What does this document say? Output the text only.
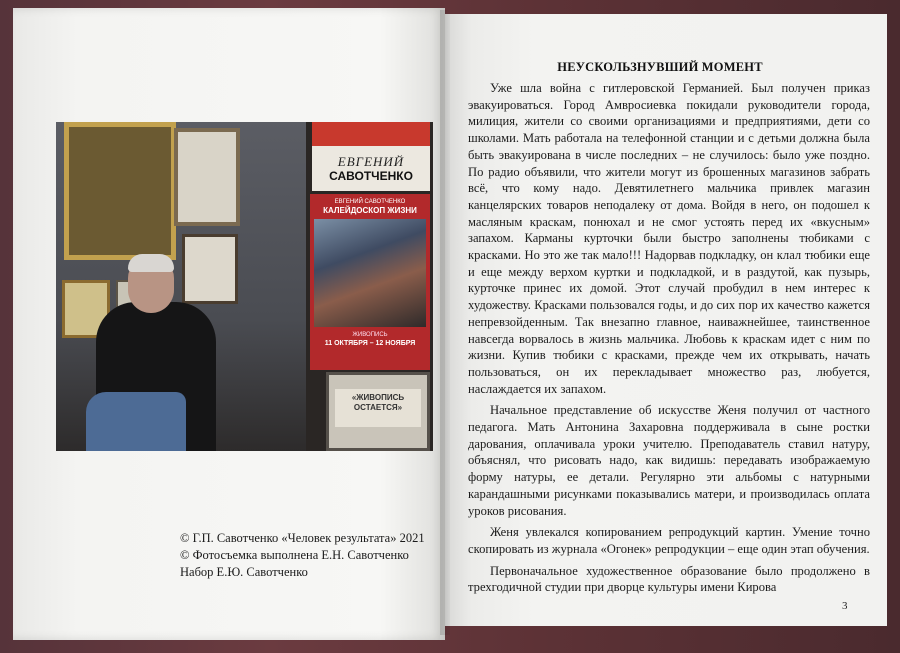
ЕВГЕНИЙ
САВОТЧЕНКО
ЕВГЕНИЙ САВОТЧЕНКО
КАЛЕЙДОСКОП ЖИЗНИ
ЖИВОПИСЬ
11 ОКТЯБРЯ – 12 НОЯБРЯ
«ЖИВОПИСЬ ОСТАЕТСЯ»
© Г.П. Савотченко «Человек результата» 2021
© Фотосъемка выполнена Е.Н. Савотченко
Набор Е.Ю. Савотченко
НЕУСКОЛЬЗНУВШИЙ МОМЕНТ

Уже шла война с гитлеровской Германией. Был получен приказ эвакуироваться. Город Амвросиевка покидали руководители города, милиция, жители со своими организациями и предприятиями, дети со школами. Мать работала на телефонной станции и с детьми должна была быть эвакуирована в числе последних – не случилось: было уже поздно. По радио объявили, что жители могут из брошенных магазинов забрать всё, что кому надо. Девятилетнего мальчика привлек магазин канцелярских товаров неподалеку от дома. Войдя в него, он подошел к масляным краскам, понюхал и не смог устоять перед их «вкусным» запахом. Карманы курточки были быстро заполнены тюбиками с красками. Но это же так мало!!! Надорвав подкладку, он клал тюбики еще и еще между верхом куртки и подкладкой, и в раздутой, как пузырь, курточке принес их домой. Этот случай пробудил в нем интерес к художеству. Красками пользовался годы, и до сих пор их качество кажется непревзойденным. Так внезапно главное, наиважнейшее, таинственное навсегда ворвалось в жизнь мальчика. Любовь к краскам идет с ним по жизни. Купив тюбики с красками, прежде чем их открывать, начать пользоваться, он их перекладывает множество раз, любуется, наслаждается их запахом.

Начальное представление об искусстве Женя получил от частного педагога. Мать Антонина Захаровна поддерживала в сыне ростки дарования, оплачивала уроки учителю. Преподаватель ставил натуру, объяснял, что рисовать надо, как видишь: передавать изображаемую форму натуры, ее детали. Регулярно эти альбомы с натурными карандашными рисунками показывались матери, и производилась оплата уроков рисования.

Женя увлекался копированием репродукций картин. Умение точно скопировать из журнала «Огонек» репродукции – еще один этап обучения.

Первоначальное художественное образование было продолжено в трехгодичной студии при дворце культуры имени Кирова

3
